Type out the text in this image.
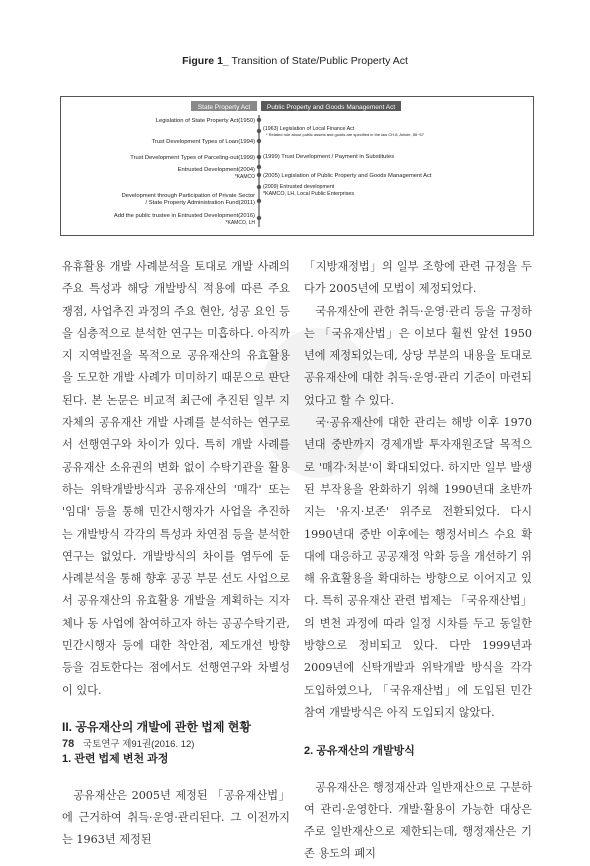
Figure 1_ Transition of State/Public Property Act
State Property Act	Public Property and Goods Management Act
Legislation of State Property Act(1950)
Trust Development Types of Loan(1994)
Trust Development Types of Parceling-out(1999)
Entrusted Development(2004)
*KAMCO
Development through Participation of Private Sector
/ State Property Administration Fund(2011)
Add the public trustee in Entrusted Development(2016)
*KAMCO, LH
(1963) Legislation of Local Finance Act
* Related rule about public assets and goods are specified in the law CH.8, Article, 56~57
(1999) Trust Development / Payment in Substitutes
(2005) Legislation of Public Property and Goods Management Act
(2009) Entrusted development
*KAMCO, LH, Local Public Enterprises

유휴활용 개발 사례분석을 토대로 개발 사례의 주요 특성과 해당 개발방식 적용에 따른 주요 쟁점, 사업추진 과정의 주요 현안, 성공 요인 등을 심층적으로 분석한 연구는 미흡하다. 아직까지 지역발전을 목적으로 공유재산의 유효활용을 도모한 개발 사례가 미미하기 때문으로 판단된다. 본 논문은 비교적 최근에 추진된 일부 지자체의 공유재산 개발 사례를 분석하는 연구로서 선행연구와 차이가 있다. 특히 개발 사례를 공유재산 소유권의 변화 없이 수탁기관을 활용하는 위탁개발방식과 공유재산의 '매각' 또는 '임대' 등을 통해 민간시행자가 사업을 추진하는 개발방식 각각의 특성과 차연점 등을 분석한 연구는 없었다. 개발방식의 차이를 염두에 둔 사례분석을 통해 향후 공공 부문 선도 사업으로서 공유재산의 유효활용 개발을 계획하는 지자체나 동 사업에 참여하고자 하는 공공수탁기관, 민간시행자 등에 대한 착안점, 제도개선 방향 등을 검토한다는 점에서도 선행연구와 차별성이 있다.

II. 공유재산의 개발에 관한 법제 현황
1. 관련 법제 변천 과정

공유재산은 2005년 제정된 「공유재산법」에 근거하여 취득·운영·관리된다. 그 이전까지는 1963년 제정된

「지방재정법」의 일부 조항에 관련 규정을 두다가 2005년에 모법이 제정되었다.

국유재산에 관한 취득·운영·관리 등을 규정하는 「국유재산법」은 이보다 훨씬 앞선 1950년에 제정되었는데, 상당 부분의 내용을 토대로 공유재산에 대한 취득·운영·관리 기준이 마련되었다고 할 수 있다.

국·공유재산에 대한 관리는 해방 이후 1970년대 중반까지 경제개발 투자재원조달 목적으로 '매각·처분'이 확대되었다. 하지만 일부 발생된 부작용을 완화하기 위해 1990년대 초반까지는 '유지·보존' 위주로 전환되었다. 다시 1990년대 중반 이후에는 행정서비스 수요 확대에 대응하고 공공재정 악화 등을 개선하기 위해 유효활용을 확대하는 방향으로 이어지고 있다. 특히 공유재산 관련 법제는 「국유재산법」의 변천 과정에 따라 일정 시차를 두고 동일한 방향으로 정비되고 있다. 다만 1999년과 2009년에 신탁개발과 위탁개발 방식을 각각 도입하였으나, 「국유재산법」에 도입된 민간참여 개발방식은 아직 도입되지 않았다.

2. 공유재산의 개발방식

공유재산은 행정재산과 일반재산으로 구분하여 관리·운영한다. 개발·활용이 가능한 대상은 주로 일반재산으로 제한되는데, 행정재산은 기존 용도의 폐지

78 국토연구 제91권(2016. 12)
